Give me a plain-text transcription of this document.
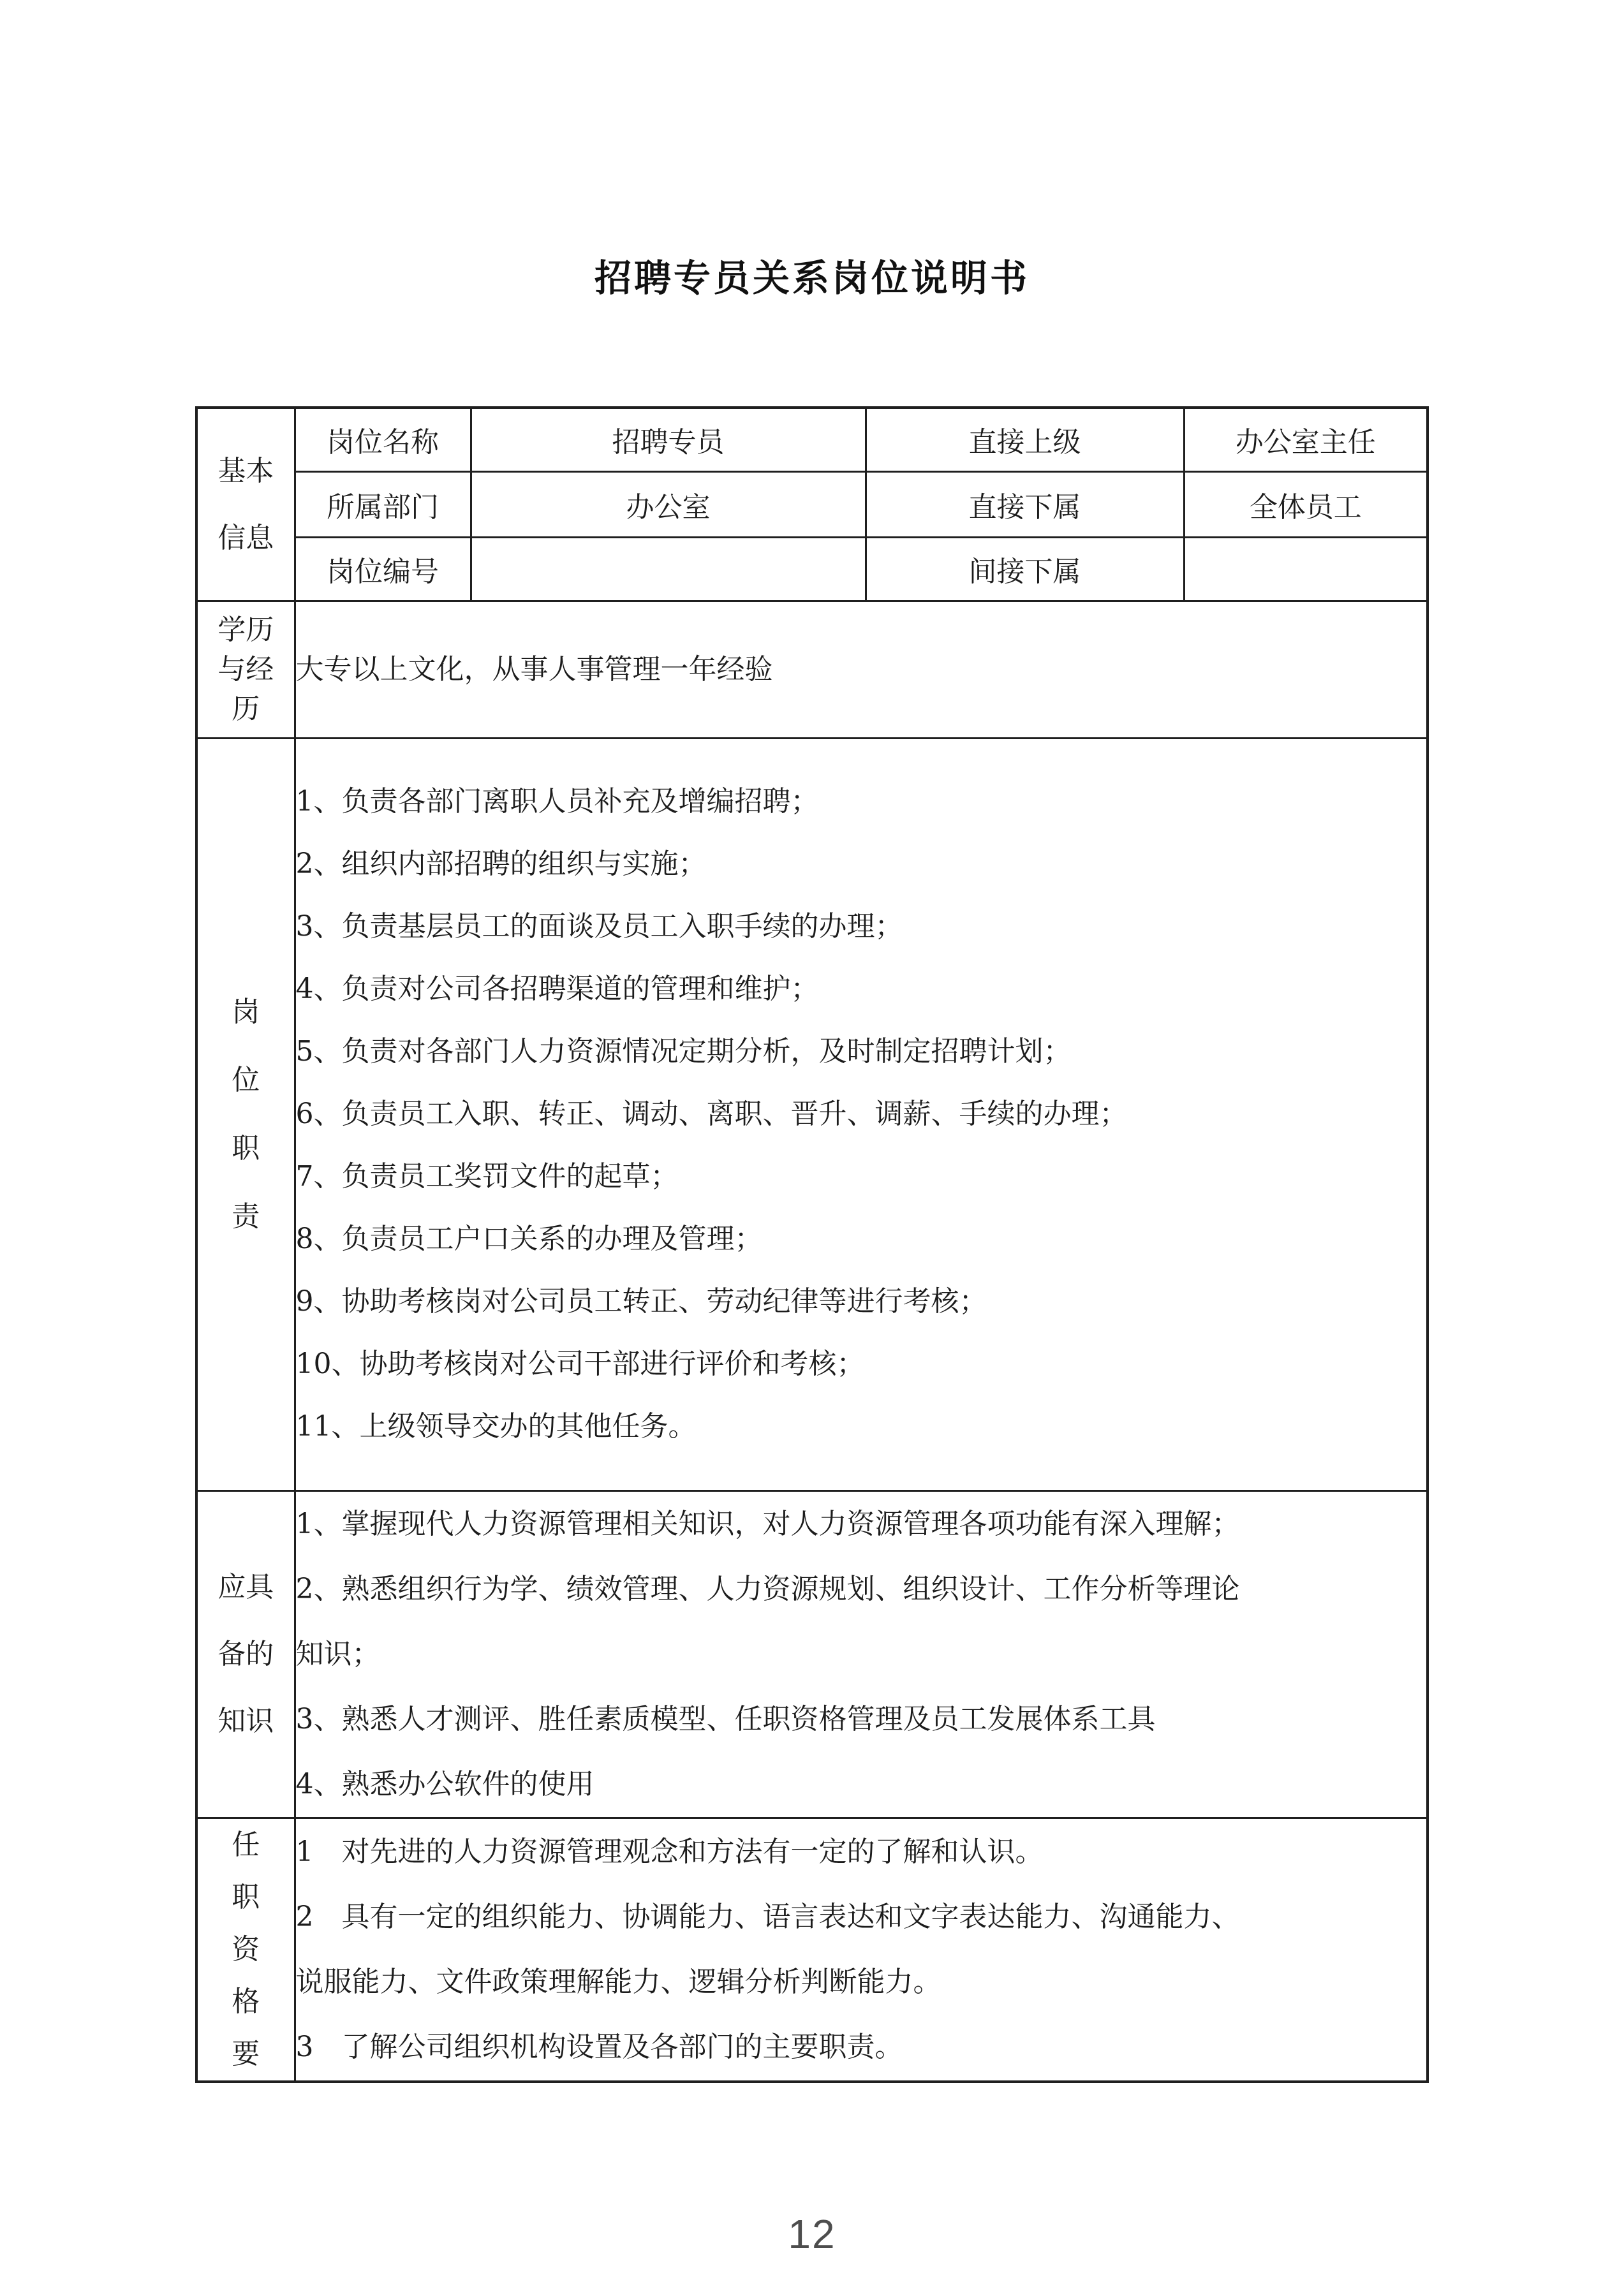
招聘专员关系岗位说明书
基本
信息	岗位名称	招聘专员	直接上级	办公室主任
	所属部门	办公室	直接下属	全体员工
	岗位编号		间接下属	

学历
与经
历	大专以上文化，从事人事管理一年经验			

岗
位
职
责

1、负责各部门离职人员补充及增编招聘；
2、组织内部招聘的组织与实施；
3、负责基层员工的面谈及员工入职手续的办理；
4、负责对公司各招聘渠道的管理和维护；
5、负责对各部门人力资源情况定期分析，及时制定招聘计划；
6、负责员工入职、转正、调动、离职、晋升、调薪、手续的办理；
7、负责员工奖罚文件的起草；
8、负责员工户口关系的办理及管理；
9、协助考核岗对公司员工转正、劳动纪律等进行考核；
10、协助考核岗对公司干部进行评价和考核；
11、上级领导交办的其他任务。

应具
备的
知识

1、掌握现代人力资源管理相关知识，对人力资源管理各项功能有深入理解；
2、熟悉组织行为学、绩效管理、人力资源规划、组织设计、工作分析等理论
知识；
3、熟悉人才测评、胜任素质模型、任职资格管理及员工发展体系工具
4、熟悉办公软件的使用

任
职
资
格
要

1　对先进的人力资源管理观念和方法有一定的了解和认识。
2　具有一定的组织能力、协调能力、语言表达和文字表达能力、沟通能力、
说服能力、文件政策理解能力、逻辑分析判断能力。
3　了解公司组织机构设置及各部门的主要职责。
12
